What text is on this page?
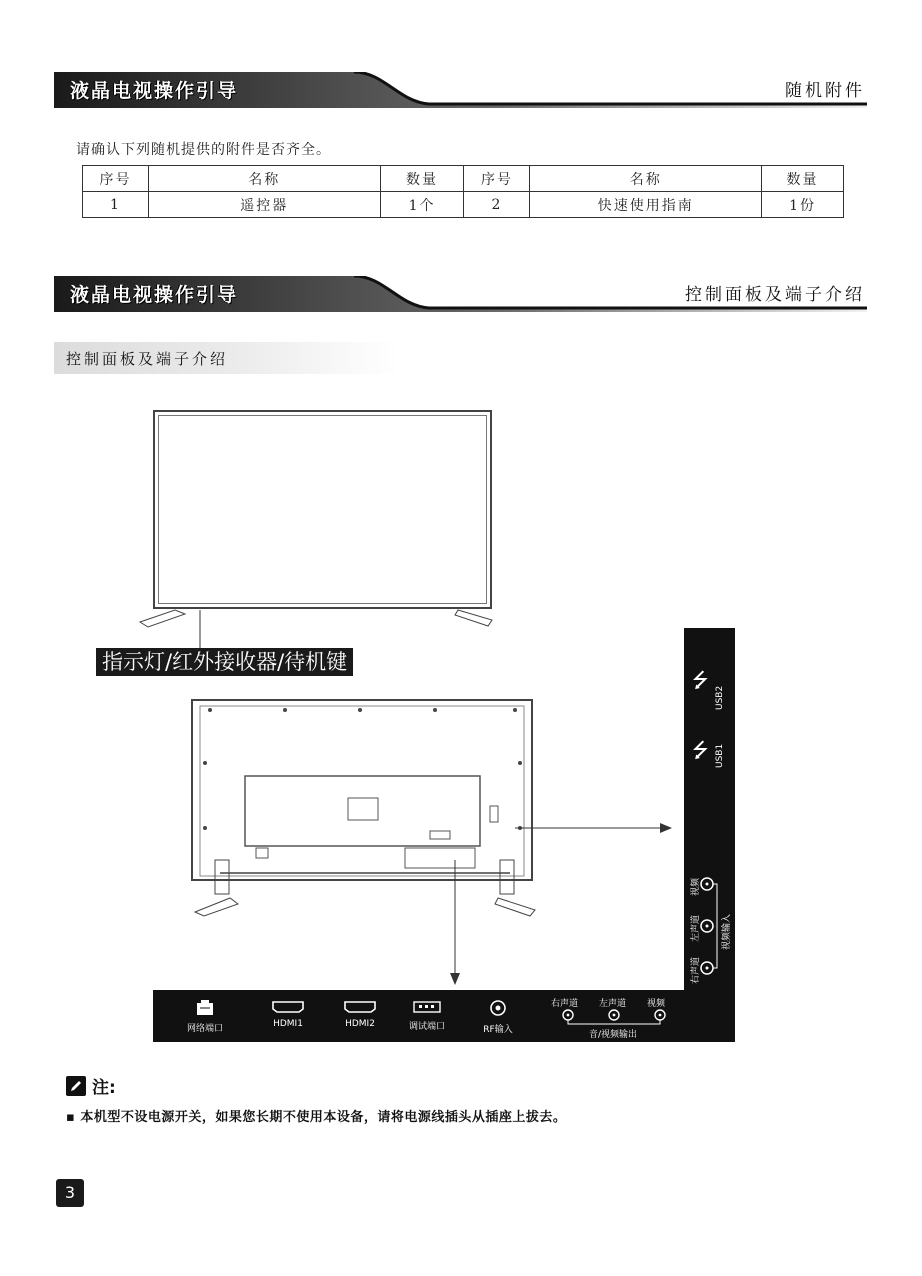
液晶电视操作引导	随机附件
请确认下列随机提供的附件是否齐全。
序号	名称	数量	序号	名称	数量
1	遥控器	1个	2	快速使用指南	1份
液晶电视操作引导	控制面板及端子介绍
控制面板及端子介绍
指示灯/红外接收器/待机键
⭍
USB2
⭍ USB1
视频
左声道
右声道
视频输入
网络端口	HDMI1	HDMI2	调试端口	RF输入
右声道 左声道 视频
音/视频输出
注:
▪ 本机型不设电源开关，如果您长期不使用本设备，请将电源线插头从插座上拔去。
3
